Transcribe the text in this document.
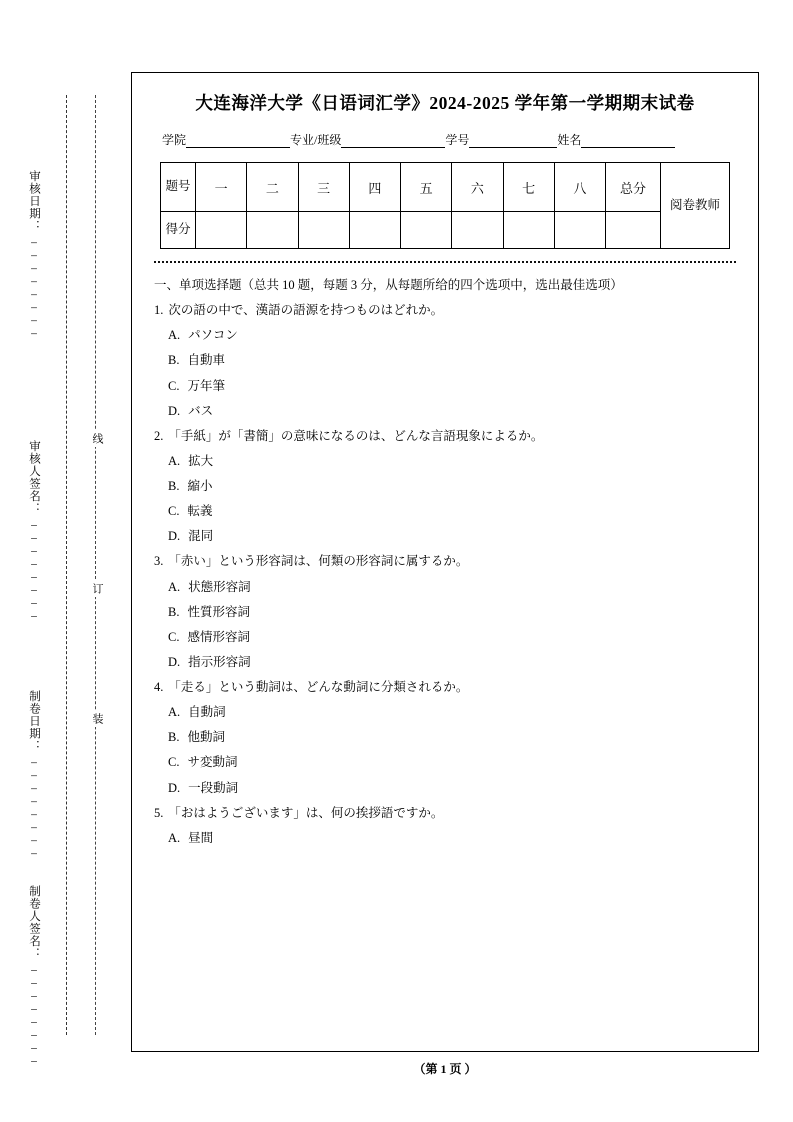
审核日期：________
审核人签名：________
制卷日期：________
制卷人签名：________
线
订
装
大连海洋大学《日语词汇学》2024‑2025 学年第一学期期末试卷
学院	专业/班级	学号	姓名
题号	一	二	三	四	五	六	七	八	总分	阅卷教师
得分										
一、单项选择题（总共 10 题，每题 3 分，从每题所给的四个选项中，选出最佳选项）
1. 次の語の中で、漢語の語源を持つものはどれか。
A. パソコン
B. 自動車
C. 万年筆
D. バス
2. 「手紙」が「書簡」の意味になるのは、どんな言語現象によるか。
A. 拡大
B. 縮小
C. 転義
D. 混同
3. 「赤い」という形容詞は、何類の形容詞に属するか。
A. 状態形容詞
B. 性質形容詞
C. 感情形容詞
D. 指示形容詞
4. 「走る」という動詞は、どんな動詞に分類されるか。
A. 自動詞
B. 他動詞
C. サ変動詞
D. 一段動詞
5. 「おはようございます」は、何の挨拶語ですか。
A. 昼間
（第 1 页 ）
